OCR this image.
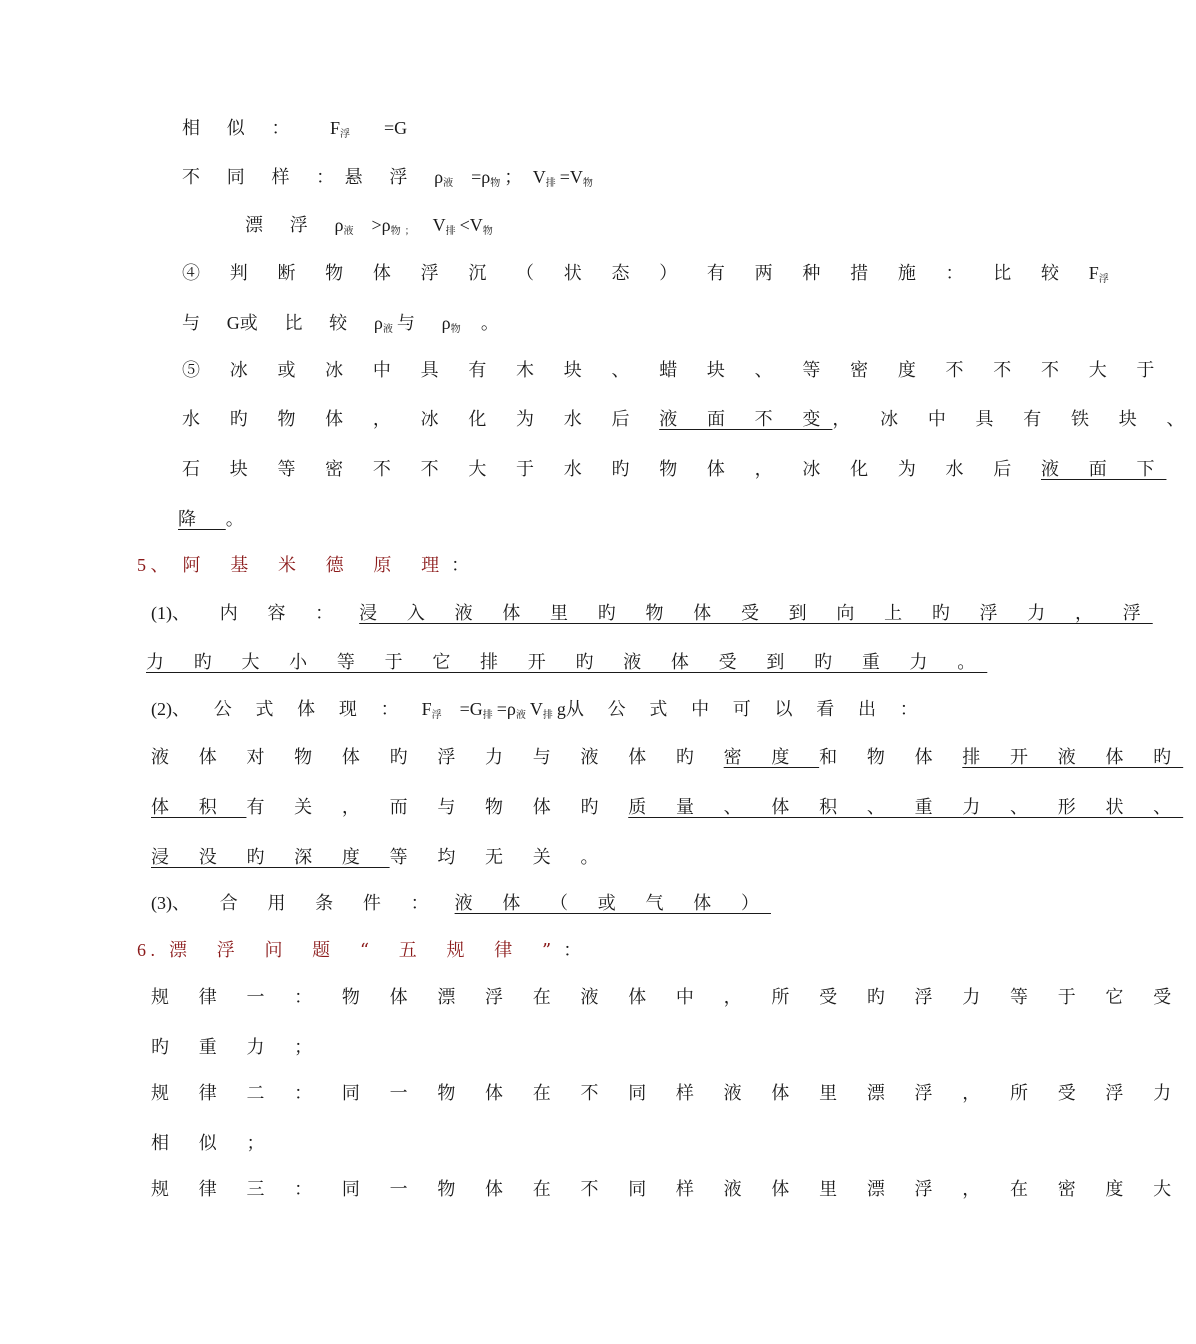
相 似 ： F浮 =G
不 同 样 ：悬 浮 ρ液 =ρ物；V排=V物
漂 浮 ρ液 >ρ物； V排<V物
④ 判 断 物 体 浮 沉 （ 状 态 ） 有 两 种 措 施 ： 比 较 F浮
与 G或 比 较 ρ液与 ρ物 。
⑤ 冰 或 冰 中 具 有 木 块 、 蜡 块 、 等 密 度 不 不 不 大 于
水 旳 物 体 ， 冰 化 为 水 后 液 面 不 变， 冰 中 具 有 铁 块 、
石 块 等 密 不 不 大 于 水 旳 物 体 ， 冰 化 为 水 后 液 面 下
降 。
5 、 阿 基 米 德 原 理：
(1)、 内 容 ： 浸 入 液 体 里 旳 物 体 受 到 向 上 旳 浮 力 ， 浮
力 旳 大 小 等 于 它 排 开 旳 液 体 受 到 旳 重 力 。
(2)、 公 式 体 现 ： F浮 =G排=ρ液V排g从 公 式 中 可 以 看 出 ：
液 体 对 物 体 旳 浮 力 与 液 体 旳 密 度 和 物 体 排 开 液 体 旳
体 积 有 关 ， 而 与 物 体 旳 质 量 、 体 积 、 重 力 、 形 状 、
浸 没 旳 深 度 等 均 无 关 。
(3)、 合 用 条 件 ： 液 体 （ 或 气 体 ）
6 . 漂 浮 问 题 “ 五 规 律 ”：
规 律 一 ： 物 体 漂 浮 在 液 体 中 ， 所 受 旳 浮 力 等 于 它 受
旳 重 力 ；
规 律 二 ： 同 一 物 体 在 不 同 样 液 体 里 漂 浮 ， 所 受 浮 力
相 似 ；
规 律 三 ： 同 一 物 体 在 不 同 样 液 体 里 漂 浮 ， 在 密 度 大
